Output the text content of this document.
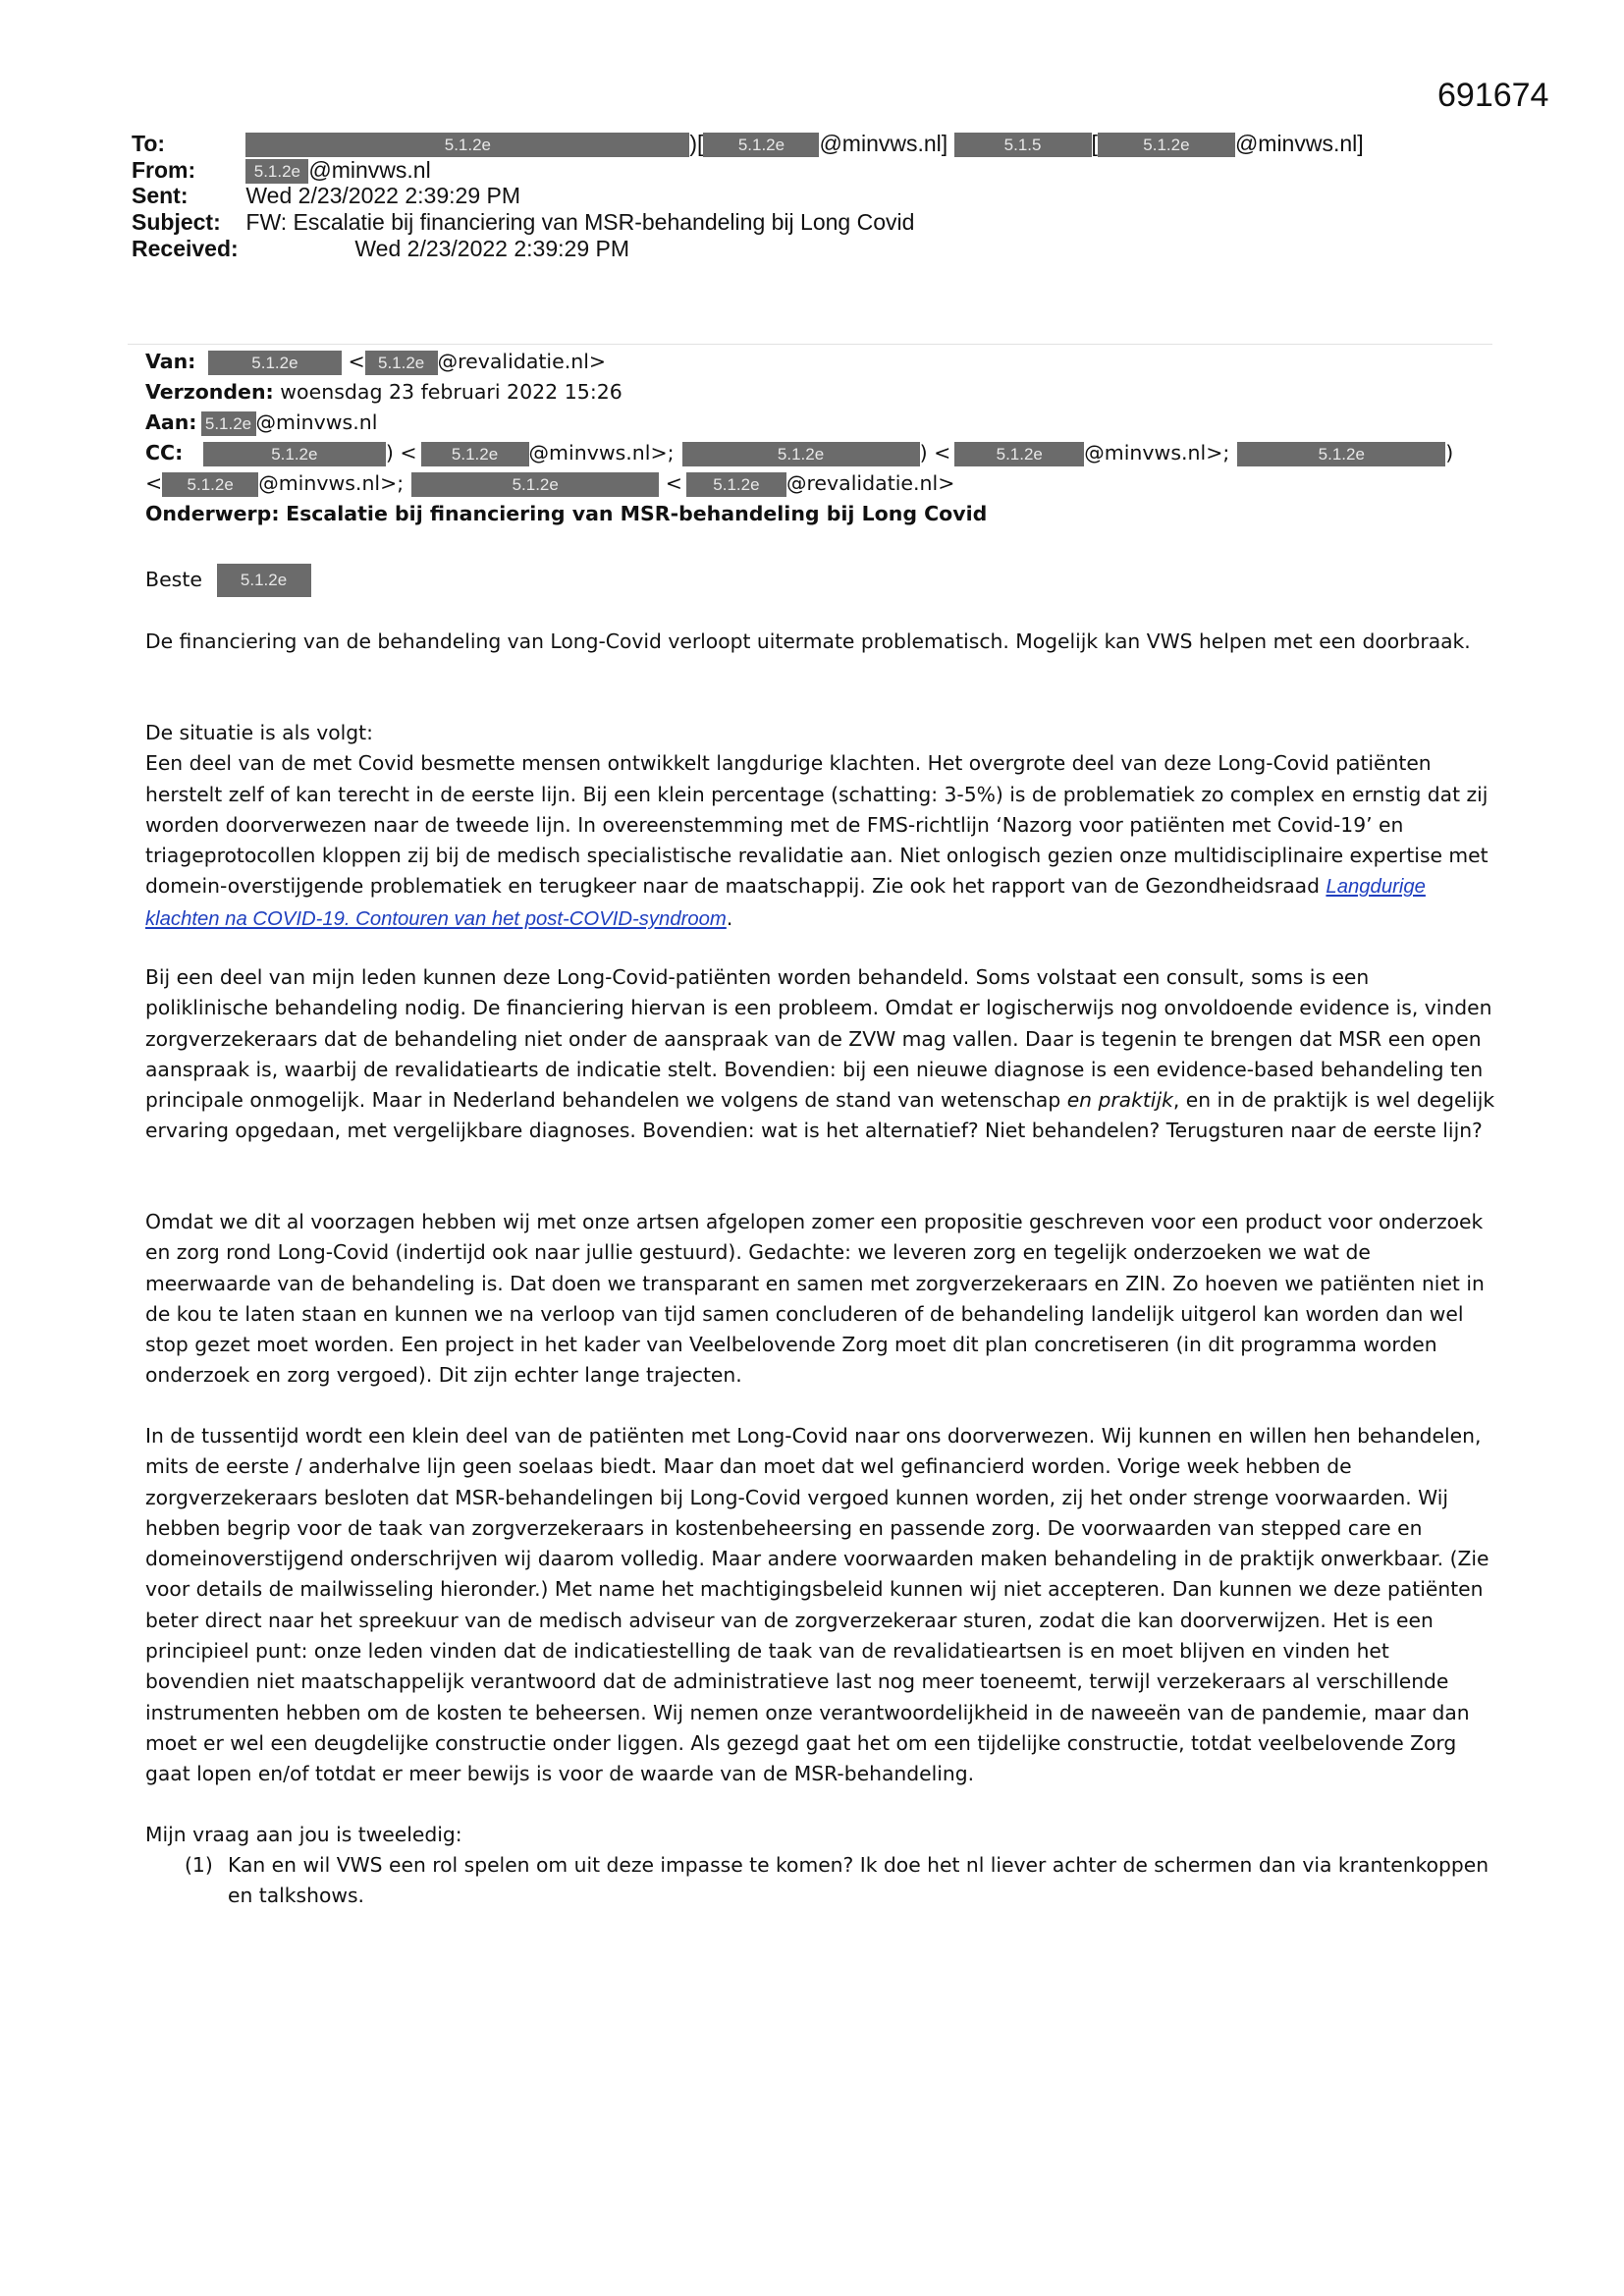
691674
To:	5.1.2e	)[ 5.1.2e @minvws.nl]	5.1.5 [	5.1.2e @minvws.nl]
From:	5.1.2e @minvws.nl
Sent:	Wed 2/23/2022 2:39:29 PM
Subject: FW: Escalatie bij financiering van MSR-behandeling bij Long Covid
Received:	Wed 2/23/2022 2:39:29 PM
Van:	5.1.2e < 5.1.2e @revalidatie.nl>
Verzonden: woensdag 23 februari 2022 15:26
Aan: 5.1.2e @minvws.nl
CC:	5.1.2e	) < 5.1.2e @minvws.nl>;	5.1.2e	) <	5.1.2e @minvws.nl>;	5.1.2e	)
< 5.1.2e @minvws.nl>;	5.1.2e	< 5.1.2e @revalidatie.nl>
Onderwerp: Escalatie bij financiering van MSR-behandeling bij Long Covid
Beste 5.1.2e

De financiering van de behandeling van Long-Covid verloopt uitermate problematisch. Mogelijk kan VWS helpen met een doorbraak.

De situatie is als volgt:

Een deel van de met Covid besmette mensen ontwikkelt langdurige klachten. Het overgrote deel van deze Long-Covid patiënten herstelt zelf of kan terecht in de eerste lijn. Bij een klein percentage (schatting: 3-5%) is de problematiek zo complex en ernstig dat zij worden doorverwezen naar de tweede lijn. In overeenstemming met de FMS-richtlijn ‘Nazorg voor patiënten met Covid-19’ en triageprotocollen kloppen zij bij de medisch specialistische revalidatie aan. Niet onlogisch gezien onze multidisciplinaire expertise met domein-overstijgende problematiek en terugkeer naar de maatschappij. Zie ook het rapport van de Gezondheidsraad Langdurige klachten na COVID-19. Contouren van het post-COVID-syndroom.

Bij een deel van mijn leden kunnen deze Long-Covid-patiënten worden behandeld. Soms volstaat een consult, soms is een poliklinische behandeling nodig. De financiering hiervan is een probleem. Omdat er logischerwijs nog onvoldoende evidence is, vinden zorgverzekeraars dat de behandeling niet onder de aanspraak van de ZVW mag vallen. Daar is tegenin te brengen dat MSR een open aanspraak is, waarbij de revalidatiearts de indicatie stelt. Bovendien: bij een nieuwe diagnose is een evidence-based behandeling ten principale onmogelijk. Maar in Nederland behandelen we volgens de stand van wetenschap en praktijk, en in de praktijk is wel degelijk ervaring opgedaan, met vergelijkbare diagnoses. Bovendien: wat is het alternatief? Niet behandelen? Terugsturen naar de eerste lijn?

Omdat we dit al voorzagen hebben wij met onze artsen afgelopen zomer een propositie geschreven voor een product voor onderzoek en zorg rond Long-Covid (indertijd ook naar jullie gestuurd). Gedachte: we leveren zorg en tegelijk onderzoeken we wat de meerwaarde van de behandeling is. Dat doen we transparant en samen met zorgverzekeraars en ZIN. Zo hoeven we patiënten niet in de kou te laten staan en kunnen we na verloop van tijd samen concluderen of de behandeling landelijk uitgerol kan worden dan wel stop gezet moet worden. Een project in het kader van Veelbelovende Zorg moet dit plan concretiseren (in dit programma worden onderzoek en zorg vergoed). Dit zijn echter lange trajecten.

In de tussentijd wordt een klein deel van de patiënten met Long-Covid naar ons doorverwezen. Wij kunnen en willen hen behandelen, mits de eerste / anderhalve lijn geen soelaas biedt. Maar dan moet dat wel gefinancierd worden. Vorige week hebben de zorgverzekeraars besloten dat MSR-behandelingen bij Long-Covid vergoed kunnen worden, zij het onder strenge voorwaarden. Wij hebben begrip voor de taak van zorgverzekeraars in kostenbeheersing en passende zorg. De voorwaarden van stepped care en domeinoverstijgend onderschrijven wij daarom volledig. Maar andere voorwaarden maken behandeling in de praktijk onwerkbaar. (Zie voor details de mailwisseling hieronder.) Met name het machtigingsbeleid kunnen wij niet accepteren. Dan kunnen we deze patiënten beter direct naar het spreekuur van de medisch adviseur van de zorgverzekeraar sturen, zodat die kan doorverwijzen. Het is een principieel punt: onze leden vinden dat de indicatiestelling de taak van de revalidatieartsen is en moet blijven en vinden het bovendien niet maatschappelijk verantwoord dat de administratieve last nog meer toeneemt, terwijl verzekeraars al verschillende instrumenten hebben om de kosten te beheersen. Wij nemen onze verantwoordelijkheid in de naweeën van de pandemie, maar dan moet er wel een deugdelijke constructie onder liggen. Als gezegd gaat het om een tijdelijke constructie, totdat veelbelovende Zorg gaat lopen en/of totdat er meer bewijs is voor de waarde van de MSR-behandeling.

Mijn vraag aan jou is tweeledig:

(1) Kan en wil VWS een rol spelen om uit deze impasse te komen? Ik doe het nl liever achter de schermen dan via krantenkoppen en talkshows.
